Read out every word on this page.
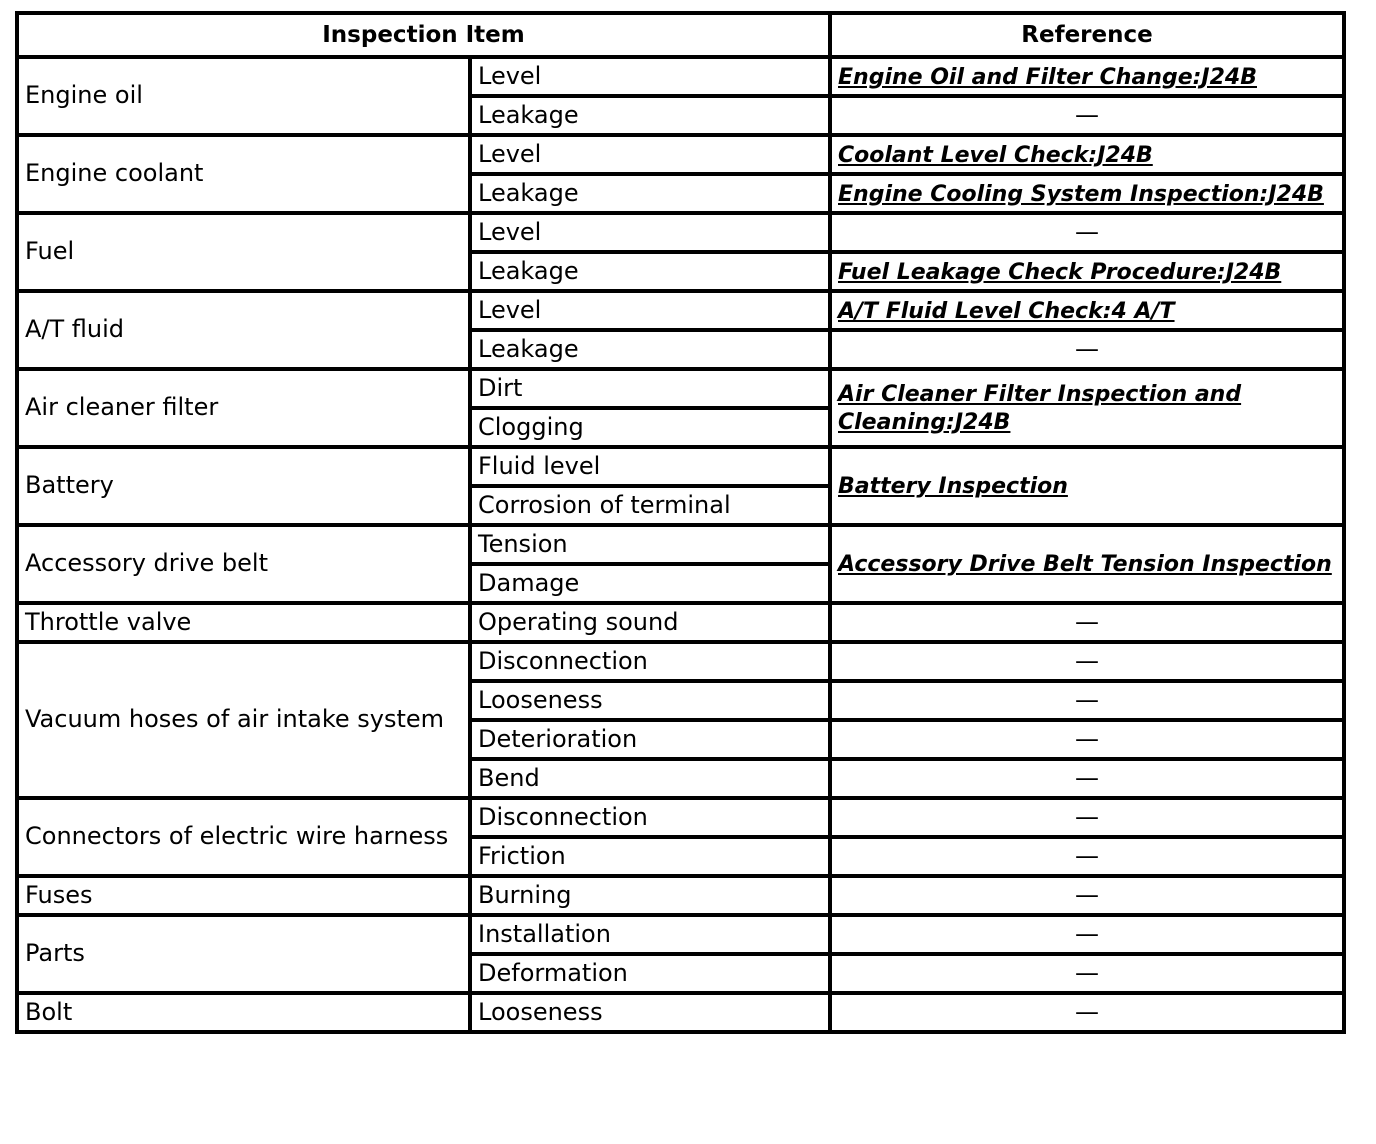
Inspection Item		Reference
Engine oil	Level	Engine Oil and Filter Change:J24B
	Leakage	—
Engine coolant	Level	Coolant Level Check:J24B
	Leakage	Engine Cooling System Inspection:J24B
Fuel	Level	—
	Leakage	Fuel Leakage Check Procedure:J24B
A/T fluid	Level	A/T Fluid Level Check:4 A/T
	Leakage	—
Air cleaner filter	Dirt	Air Cleaner Filter Inspection and Cleaning:J24B
	Clogging	
Battery	Fluid level	Battery Inspection
	Corrosion of terminal	
Accessory drive belt	Tension	Accessory Drive Belt Tension Inspection
	Damage	
Throttle valve	Operating sound	—
Vacuum hoses of air intake system	Disconnection	—
	Looseness	—
	Deterioration	—
	Bend	—
Connectors of electric wire harness	Disconnection	—
	Friction	—
Fuses	Burning	—
Parts	Installation	—
	Deformation	—
Bolt	Looseness	—
